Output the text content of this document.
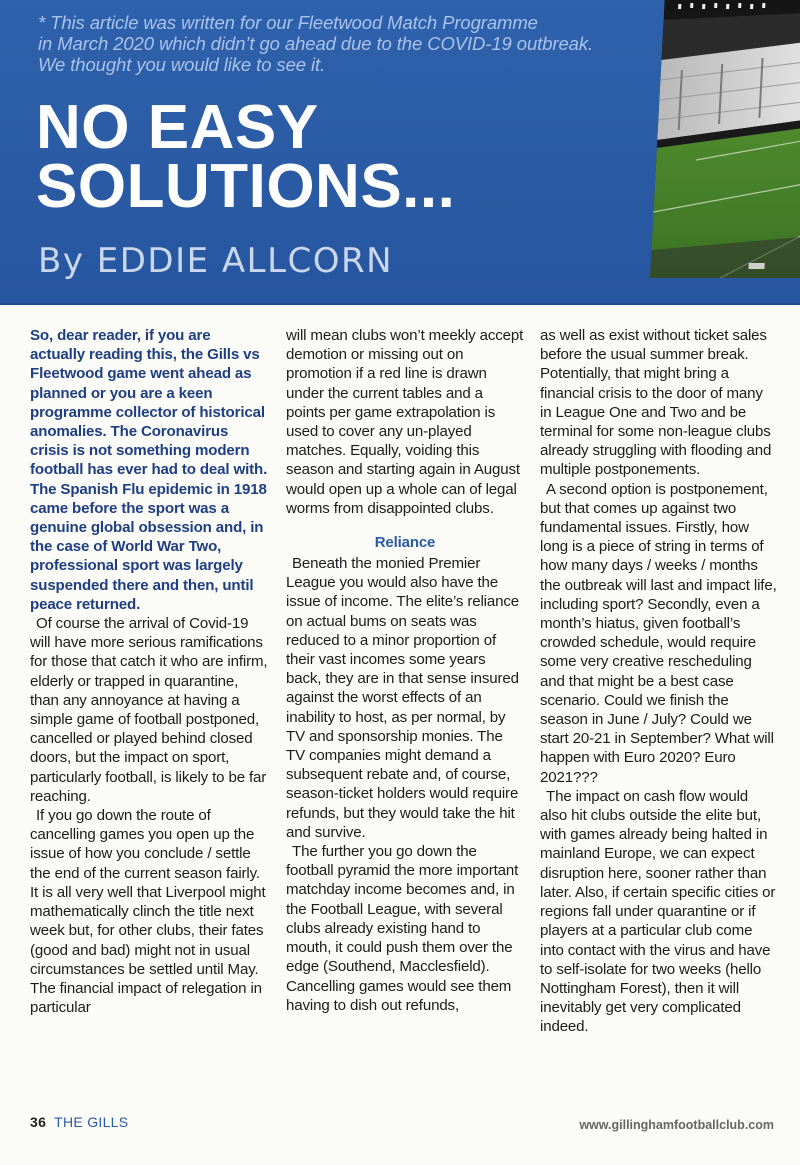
* This article was written for our Fleetwood Match Programme

in March 2020 which didn’t go ahead due to the COVID-19 outbreak.

We thought you would like to see it.

NO EASY
SOLUTIONS...
By EDDIE ALLCORN

So, dear reader, if you are actually reading this, the Gills vs Fleetwood game went ahead as planned or you are a keen programme collector of historical anomalies. The Coronavirus crisis is not something modern football has ever had to deal with. The Spanish Flu epidemic in 1918 came before the sport was a genuine global obsession and, in the case of World War Two, professional sport was largely suspended there and then, until peace returned.

Of course the arrival of Covid-19 will have more serious ramifications for those that catch it who are infirm, elderly or trapped in quarantine, than any annoyance at having a simple game of football postponed, cancelled or played behind closed doors, but the impact on sport, particularly football, is likely to be far reaching.

If you go down the route of cancelling games you open up the issue of how you conclude / settle the end of the current season fairly. It is all very well that Liverpool might mathematically clinch the title next week but, for other clubs, their fates (good and bad) might not in usual circumstances be settled until May. The financial impact of relegation in particular

will mean clubs won’t meekly accept demotion or missing out on promotion if a red line is drawn under the current tables and a points per game extrapolation is used to cover any un-played matches. Equally, voiding this season and starting again in August would open up a whole can of legal worms from disappointed clubs.

Reliance

Beneath the monied Premier League you would also have the issue of income. The elite’s reliance on actual bums on seats was reduced to a minor proportion of their vast incomes some years back, they are in that sense insured against the worst effects of an inability to host, as per normal, by TV and sponsorship monies. The TV companies might demand a subsequent rebate and, of course, season-ticket holders would require refunds, but they would take the hit and survive.

The further you go down the football pyramid the more important matchday income becomes and, in the Football League, with several clubs already existing hand to mouth, it could push them over the edge (Southend, Macclesfield). Cancelling games would see them having to dish out refunds,

as well as exist without ticket sales before the usual summer break. Potentially, that might bring a financial crisis to the door of many in League One and Two and be terminal for some non-league clubs already struggling with flooding and multiple postponements.

A second option is postponement, but that comes up against two fundamental issues. Firstly, how long is a piece of string in terms of how many days / weeks / months the outbreak will last and impact life, including sport? Secondly, even a month’s hiatus, given football’s crowded schedule, would require some very creative rescheduling and that might be a best case scenario. Could we finish the season in June / July? Could we start 20-21 in September? What will happen with Euro 2020? Euro 2021???

The impact on cash flow would also hit clubs outside the elite but, with games already being halted in mainland Europe, we can expect disruption here, sooner rather than later. Also, if certain specific cities or regions fall under quarantine or if players at a particular club come into contact with the virus and have to self-isolate for two weeks (hello Nottingham Forest), then it will inevitably get very complicated indeed.

36 THE GILLS	www.gillinghamfootballclub.com
